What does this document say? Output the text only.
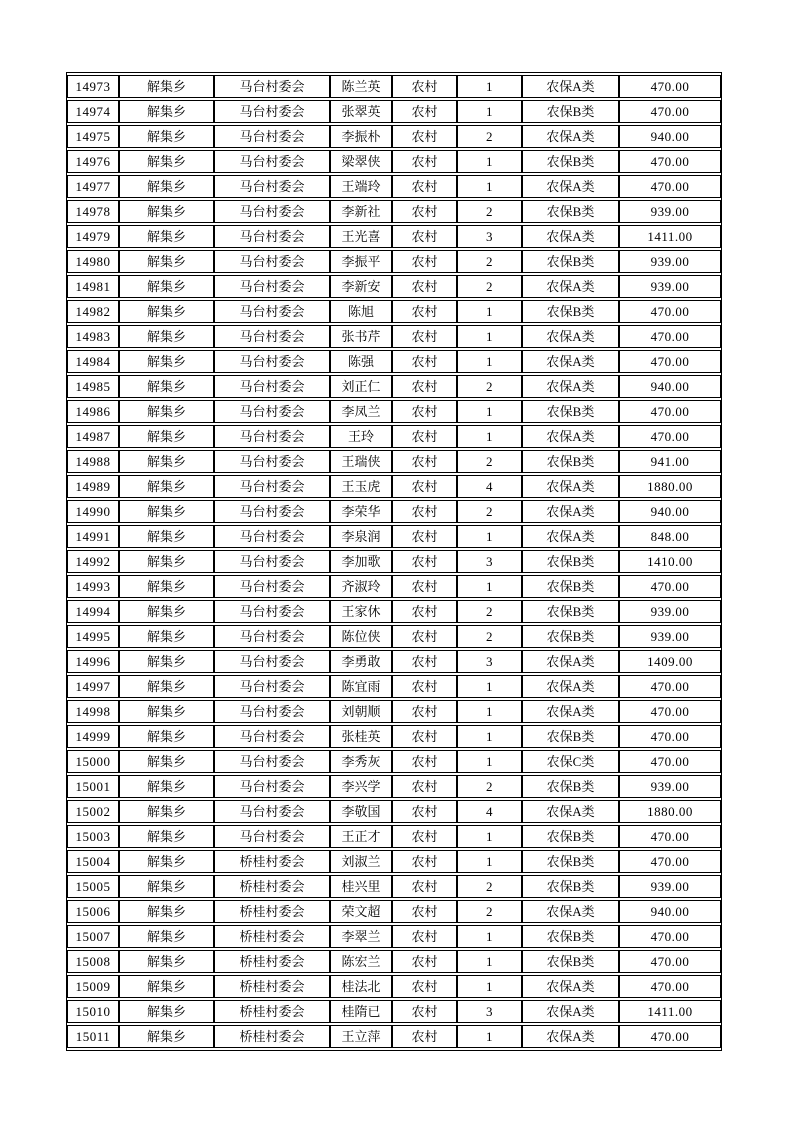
14973	解集乡	马台村委会	陈兰英	农村	1	农保A类	470.00
14974	解集乡	马台村委会	张翠英	农村	1	农保B类	470.00
14975	解集乡	马台村委会	李振朴	农村	2	农保A类	940.00
14976	解集乡	马台村委会	梁翠侠	农村	1	农保B类	470.00
14977	解集乡	马台村委会	王端玲	农村	1	农保A类	470.00
14978	解集乡	马台村委会	李新社	农村	2	农保B类	939.00
14979	解集乡	马台村委会	王光喜	农村	3	农保A类	1411.00
14980	解集乡	马台村委会	李振平	农村	2	农保B类	939.00
14981	解集乡	马台村委会	李新安	农村	2	农保A类	939.00
14982	解集乡	马台村委会	陈旭	农村	1	农保B类	470.00
14983	解集乡	马台村委会	张书芹	农村	1	农保A类	470.00
14984	解集乡	马台村委会	陈强	农村	1	农保A类	470.00
14985	解集乡	马台村委会	刘正仁	农村	2	农保A类	940.00
14986	解集乡	马台村委会	李凤兰	农村	1	农保B类	470.00
14987	解集乡	马台村委会	王玲	农村	1	农保A类	470.00
14988	解集乡	马台村委会	王瑞侠	农村	2	农保B类	941.00
14989	解集乡	马台村委会	王玉虎	农村	4	农保A类	1880.00
14990	解集乡	马台村委会	李荣华	农村	2	农保A类	940.00
14991	解集乡	马台村委会	李泉润	农村	1	农保A类	848.00
14992	解集乡	马台村委会	李加歌	农村	3	农保B类	1410.00
14993	解集乡	马台村委会	齐淑玲	农村	1	农保B类	470.00
14994	解集乡	马台村委会	王家休	农村	2	农保B类	939.00
14995	解集乡	马台村委会	陈位侠	农村	2	农保B类	939.00
14996	解集乡	马台村委会	李勇敢	农村	3	农保A类	1409.00
14997	解集乡	马台村委会	陈宜雨	农村	1	农保A类	470.00
14998	解集乡	马台村委会	刘朝顺	农村	1	农保A类	470.00
14999	解集乡	马台村委会	张桂英	农村	1	农保B类	470.00
15000	解集乡	马台村委会	李秀灰	农村	1	农保C类	470.00
15001	解集乡	马台村委会	李兴学	农村	2	农保B类	939.00
15002	解集乡	马台村委会	李敬国	农村	4	农保A类	1880.00
15003	解集乡	马台村委会	王正才	农村	1	农保B类	470.00
15004	解集乡	桥桂村委会	刘淑兰	农村	1	农保B类	470.00
15005	解集乡	桥桂村委会	桂兴里	农村	2	农保B类	939.00
15006	解集乡	桥桂村委会	荣文超	农村	2	农保A类	940.00
15007	解集乡	桥桂村委会	李翠兰	农村	1	农保B类	470.00
15008	解集乡	桥桂村委会	陈宏兰	农村	1	农保B类	470.00
15009	解集乡	桥桂村委会	桂法北	农村	1	农保A类	470.00
15010	解集乡	桥桂村委会	桂隋已	农村	3	农保A类	1411.00
15011	解集乡	桥桂村委会	王立萍	农村	1	农保A类	470.00
